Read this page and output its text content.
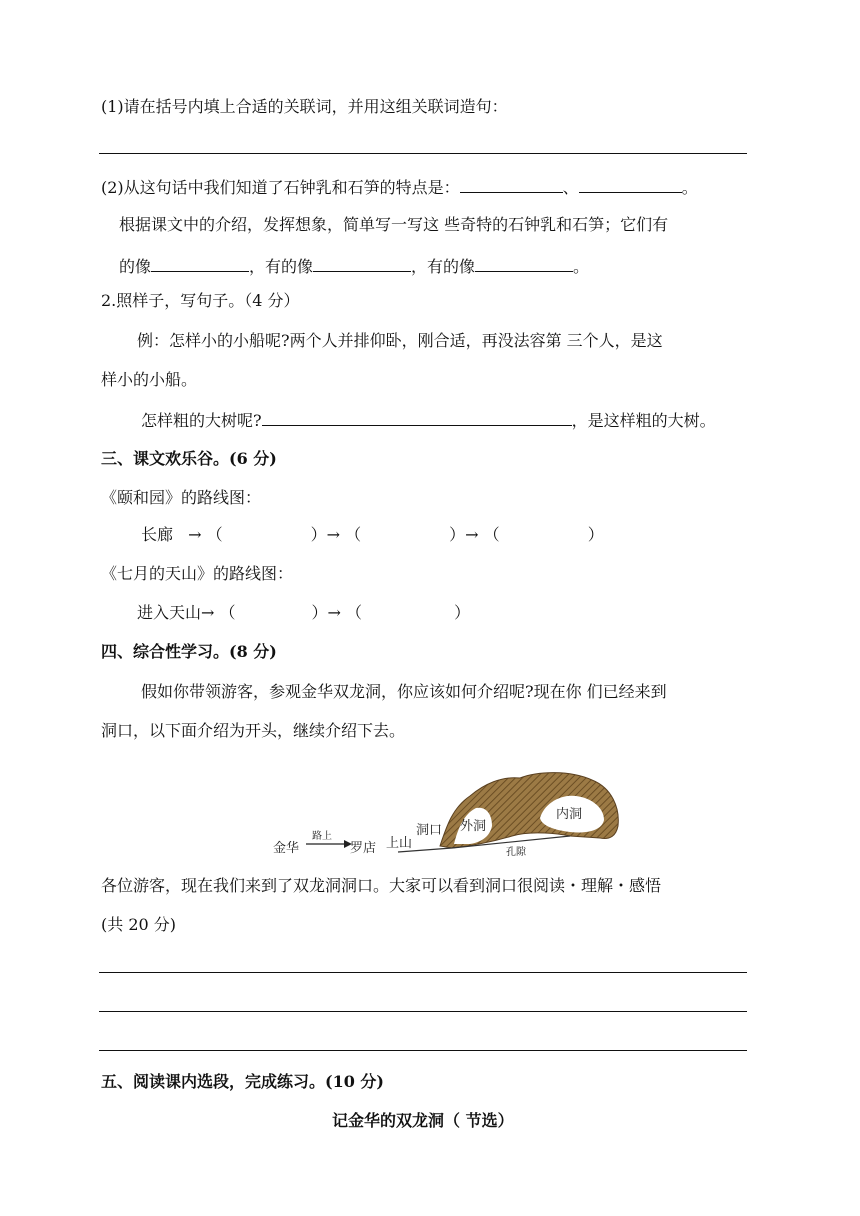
(1)请在括号内填上合适的关联词，并用这组关联词造句：
(2)从这句话中我们知道了石钟乳和石笋的特点是：	、	。
根据课文中的介绍，发挥想象，简单写一写这 些奇特的石钟乳和石笋；它们有
的像	，有的像	，有的像	。
2.照样子，写句子。（4 分）
例：怎样小的小船呢?两个人并排仰卧，刚合适，再没法容第 三个人，是这
样小的小船。
怎样粗的大树呢?	，是这样粗的大树。
三、课文欢乐谷。(6 分)
《颐和园》的路线图：
长廊 → （	）→ （	）→ （	）
《七月的天山》的路线图：
进入天山→ （	）→ （	）
四、综合性学习。(8 分)
假如你带领游客，参观金华双龙洞，你应该如何介绍呢?现在你 们已经来到
洞口，以下面介绍为开头，继续介绍下去。
金华
路上
罗店 上山
洞口 外洞
内洞
孔隙
各位游客，现在我们来到了双龙洞洞口。大家可以看到洞口很阅读・理解・感悟
(共 20 分)
五、阅读课内选段，完成练习。(10 分)
记金华的双龙洞（ 节选）
